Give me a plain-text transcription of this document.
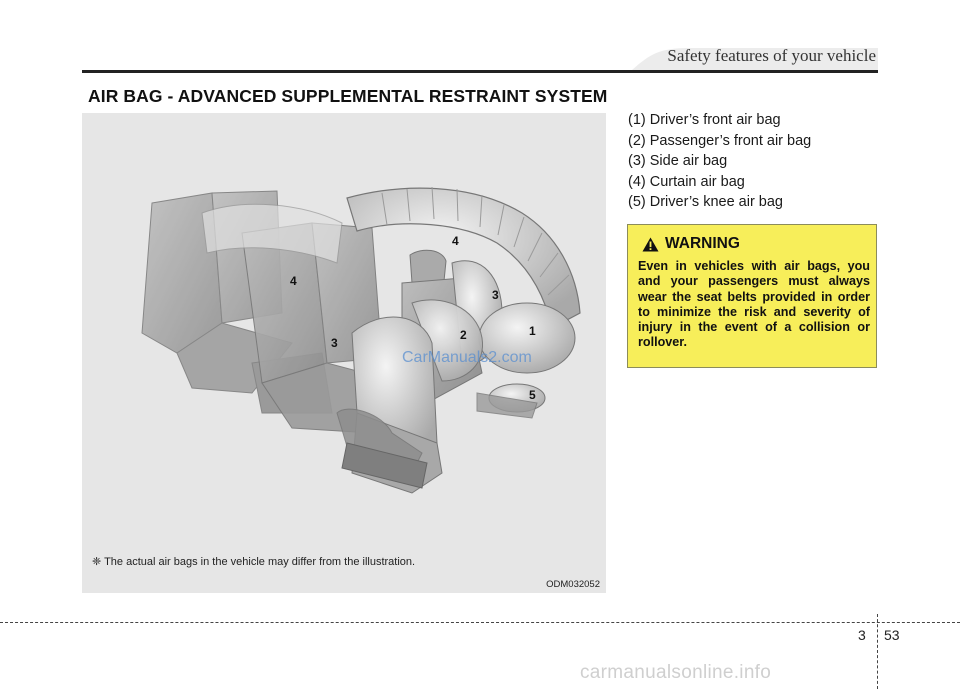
Safety features of your vehicle
AIR BAG - ADVANCED SUPPLEMENTAL RESTRAINT SYSTEM
4
4
3
3
2	1
5
CarManuals2.com
❈ The actual air bags in the vehicle may differ from the illustration.
ODM032052
(1) Driver’s front air bag
(2) Passenger’s front air bag
(3) Side air bag
(4) Curtain air bag
(5) Driver’s knee air bag
WARNING
Even in vehicles with air bags, you and your passengers must always wear the seat belts provided in order to minimize the risk and severity of injury in the event of a collision or rollover.
3 53
carmanualsonline.info
